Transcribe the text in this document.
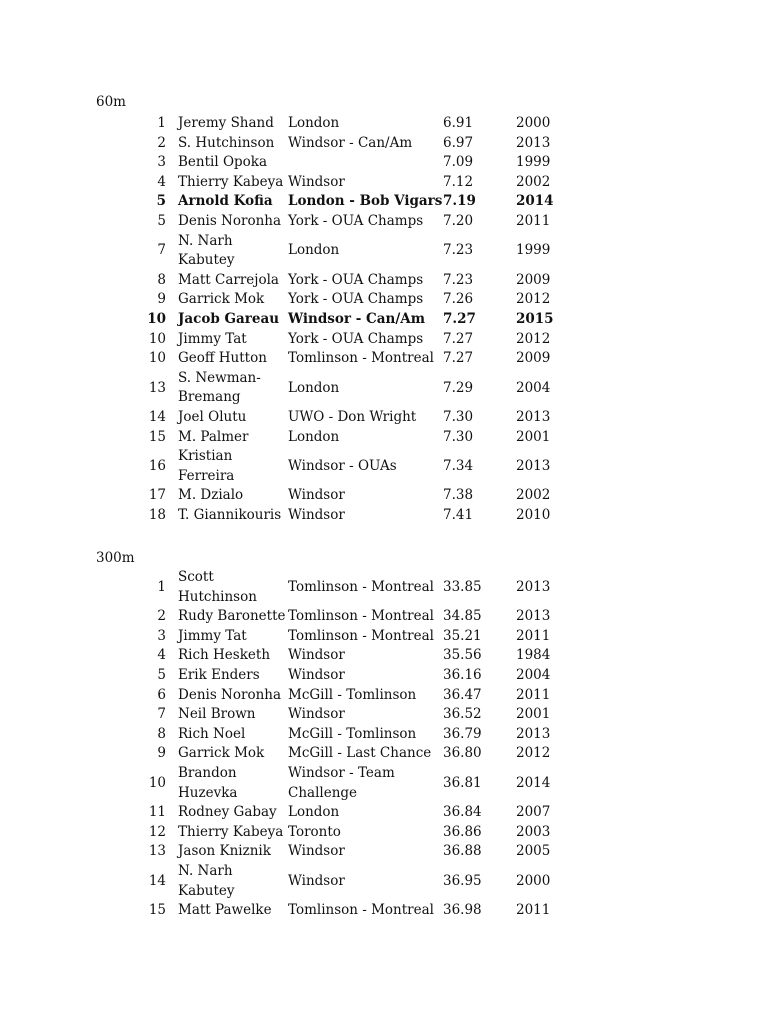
60m
1	Jeremy Shand	London	6.91	2000
2	S. Hutchinson	Windsor - Can/Am	6.97	2013
3	Bentil Opoka		7.09	1999
4	Thierry Kabeya	Windsor	7.12	2002
5	Arnold Kofia	London - Bob Vigars	7.19	2014
5	Denis Noronha	York - OUA Champs	7.20	2011
7	N. Narh Kabutey	London	7.23	1999
8	Matt Carrejola	York - OUA Champs	7.23	2009
9	Garrick Mok	York - OUA Champs	7.26	2012
10	Jacob Gareau	Windsor - Can/Am	7.27	2015
10	Jimmy Tat	York - OUA Champs	7.27	2012
10	Geoff Hutton	Tomlinson - Montreal	7.27	2009
13	S. Newman-Bremang	London	7.29	2004
14	Joel Olutu	UWO - Don Wright	7.30	2013
15	M. Palmer	London	7.30	2001
16	Kristian Ferreira	Windsor - OUAs	7.34	2013
17	M. Dzialo	Windsor	7.38	2002
18	T. Giannikouris	Windsor	7.41	2010
300m
1	Scott Hutchinson	Tomlinson - Montreal	33.85	2013
2	Rudy Baronette	Tomlinson - Montreal	34.85	2013
3	Jimmy Tat	Tomlinson - Montreal	35.21	2011
4	Rich Hesketh	Windsor	35.56	1984
5	Erik Enders	Windsor	36.16	2004
6	Denis Noronha	McGill - Tomlinson	36.47	2011
7	Neil Brown	Windsor	36.52	2001
8	Rich Noel	McGill - Tomlinson	36.79	2013
9	Garrick Mok	McGill - Last Chance	36.80	2012
10	Brandon Huzevka	Windsor - Team Challenge	36.81	2014
11	Rodney Gabay	London	36.84	2007
12	Thierry Kabeya	Toronto	36.86	2003
13	Jason Kniznik	Windsor	36.88	2005
14	N. Narh Kabutey	Windsor	36.95	2000
15	Matt Pawelke	Tomlinson - Montreal	36.98	2011
